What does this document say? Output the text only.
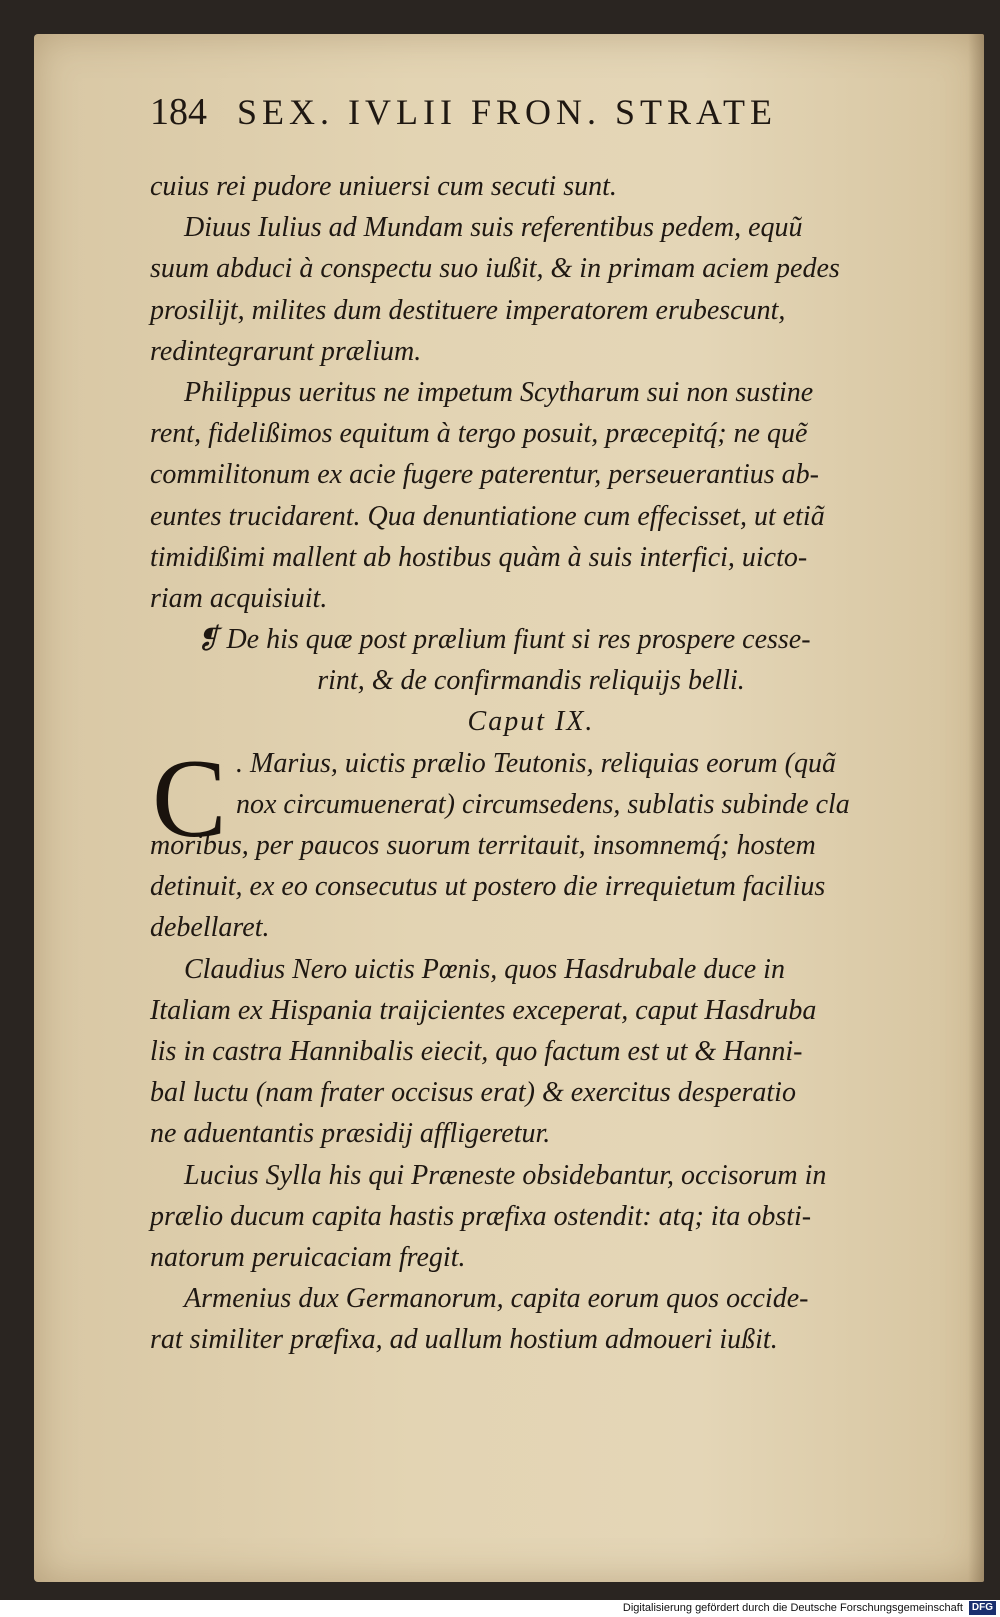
184 SEX. IVLII FRON. STRATE
cuius rei pudore uniuersi cum secuti sunt.
Diuus Iulius ad Mundam suis referentibus pedem, equũ
suum abduci à conspectu suo iußit, & in primam aciem pedes
prosilijt, milites dum destituere imperatorem erubescunt,
redintegrarunt prælium.
Philippus ueritus ne impetum Scytharum sui non sustine
rent, fidelißimos equitum à tergo posuit, præcepitq́; ne quẽ
commilitonum ex acie fugere paterentur, perseuerantius ab-
euntes trucidarent. Qua denuntiatione cum effecisset, ut etiã
timidißimi mallent ab hostibus quàm à suis interfici, uicto-
riam acquisiuit.
❡ De his quæ post prælium fiunt si res prospere cesse-
rint, & de confirmandis reliquijs belli.
Caput IX.
C . Marius, uictis prælio Teutonis, reliquias eorum (quã
nox circumuenerat) circumsedens, sublatis subinde cla
moribus, per paucos suorum territauit, insomnemq́; hostem
detinuit, ex eo consecutus ut postero die irrequietum facilius
debellaret.
Claudius Nero uictis Pœnis, quos Hasdrubale duce in
Italiam ex Hispania traijcientes exceperat, caput Hasdruba
lis in castra Hannibalis eiecit, quo factum est ut & Hanni-
bal luctu (nam frater occisus erat) & exercitus desperatio
ne aduentantis præsidij affligeretur.
Lucius Sylla his qui Præneste obsidebantur, occisorum in
prælio ducum capita hastis præfixa ostendit: atq; ita obsti-
natorum peruicaciam fregit.
Armenius dux Germanorum, capita eorum quos occide-
rat similiter præfixa, ad uallum hostium admoueri iußit.
Digitalisierung gefördert durch die Deutsche Forschungsgemeinschaft DFG
